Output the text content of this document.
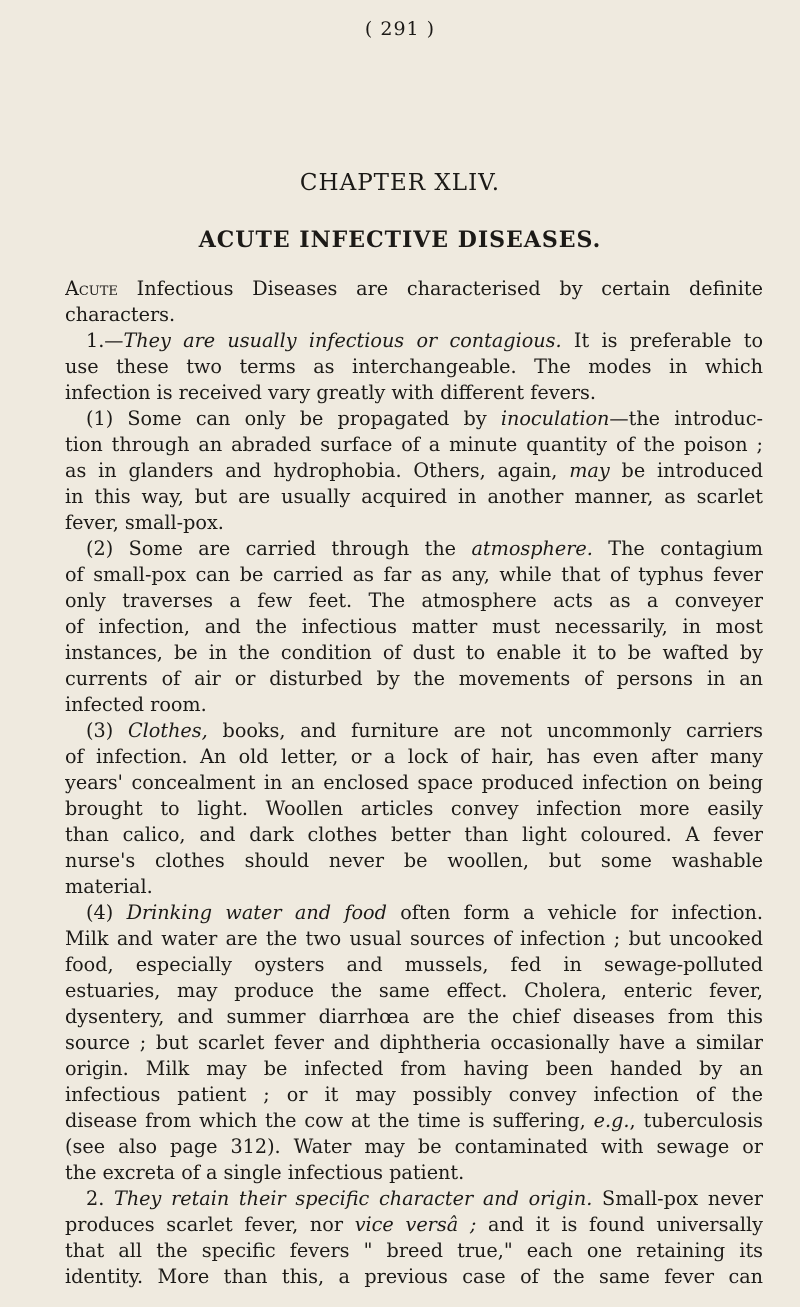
( 291 )
CHAPTER XLIV.
ACUTE INFECTIVE DISEASES.
Acute Infectious Diseases are characterised by certain definite
characters.
1.—They are usually infectious or contagious. It is preferable to
use these two terms as interchangeable. The modes in which
infection is received vary greatly with different fevers.
(1) Some can only be propagated by inoculation—the introduc-
tion through an abraded surface of a minute quantity of the poison ;
as in glanders and hydrophobia. Others, again, may be introduced
in this way, but are usually acquired in another manner, as scarlet
fever, small-pox.
(2) Some are carried through the atmosphere. The contagium
of small-pox can be carried as far as any, while that of typhus fever
only traverses a few feet. The atmosphere acts as a conveyer
of infection, and the infectious matter must necessarily, in most
instances, be in the condition of dust to enable it to be wafted by
currents of air or disturbed by the movements of persons in an
infected room.
(3) Clothes, books, and furniture are not uncommonly carriers
of infection. An old letter, or a lock of hair, has even after many
years' concealment in an enclosed space produced infection on being
brought to light. Woollen articles convey infection more easily
than calico, and dark clothes better than light coloured. A fever
nurse's clothes should never be woollen, but some washable
material.
(4) Drinking water and food often form a vehicle for infection.
Milk and water are the two usual sources of infection ; but uncooked
food, especially oysters and mussels, fed in sewage-polluted
estuaries, may produce the same effect. Cholera, enteric fever,
dysentery, and summer diarrhœa are the chief diseases from this
source ; but scarlet fever and diphtheria occasionally have a similar
origin. Milk may be infected from having been handed by an
infectious patient ; or it may possibly convey infection of the
disease from which the cow at the time is suffering, e.g., tuberculosis
(see also page 312). Water may be contaminated with sewage or
the excreta of a single infectious patient.
2. They retain their specific character and origin. Small-pox never
produces scarlet fever, nor vice versâ ; and it is found universally
that all the specific fevers " breed true," each one retaining its
identity. More than this, a previous case of the same fever can
